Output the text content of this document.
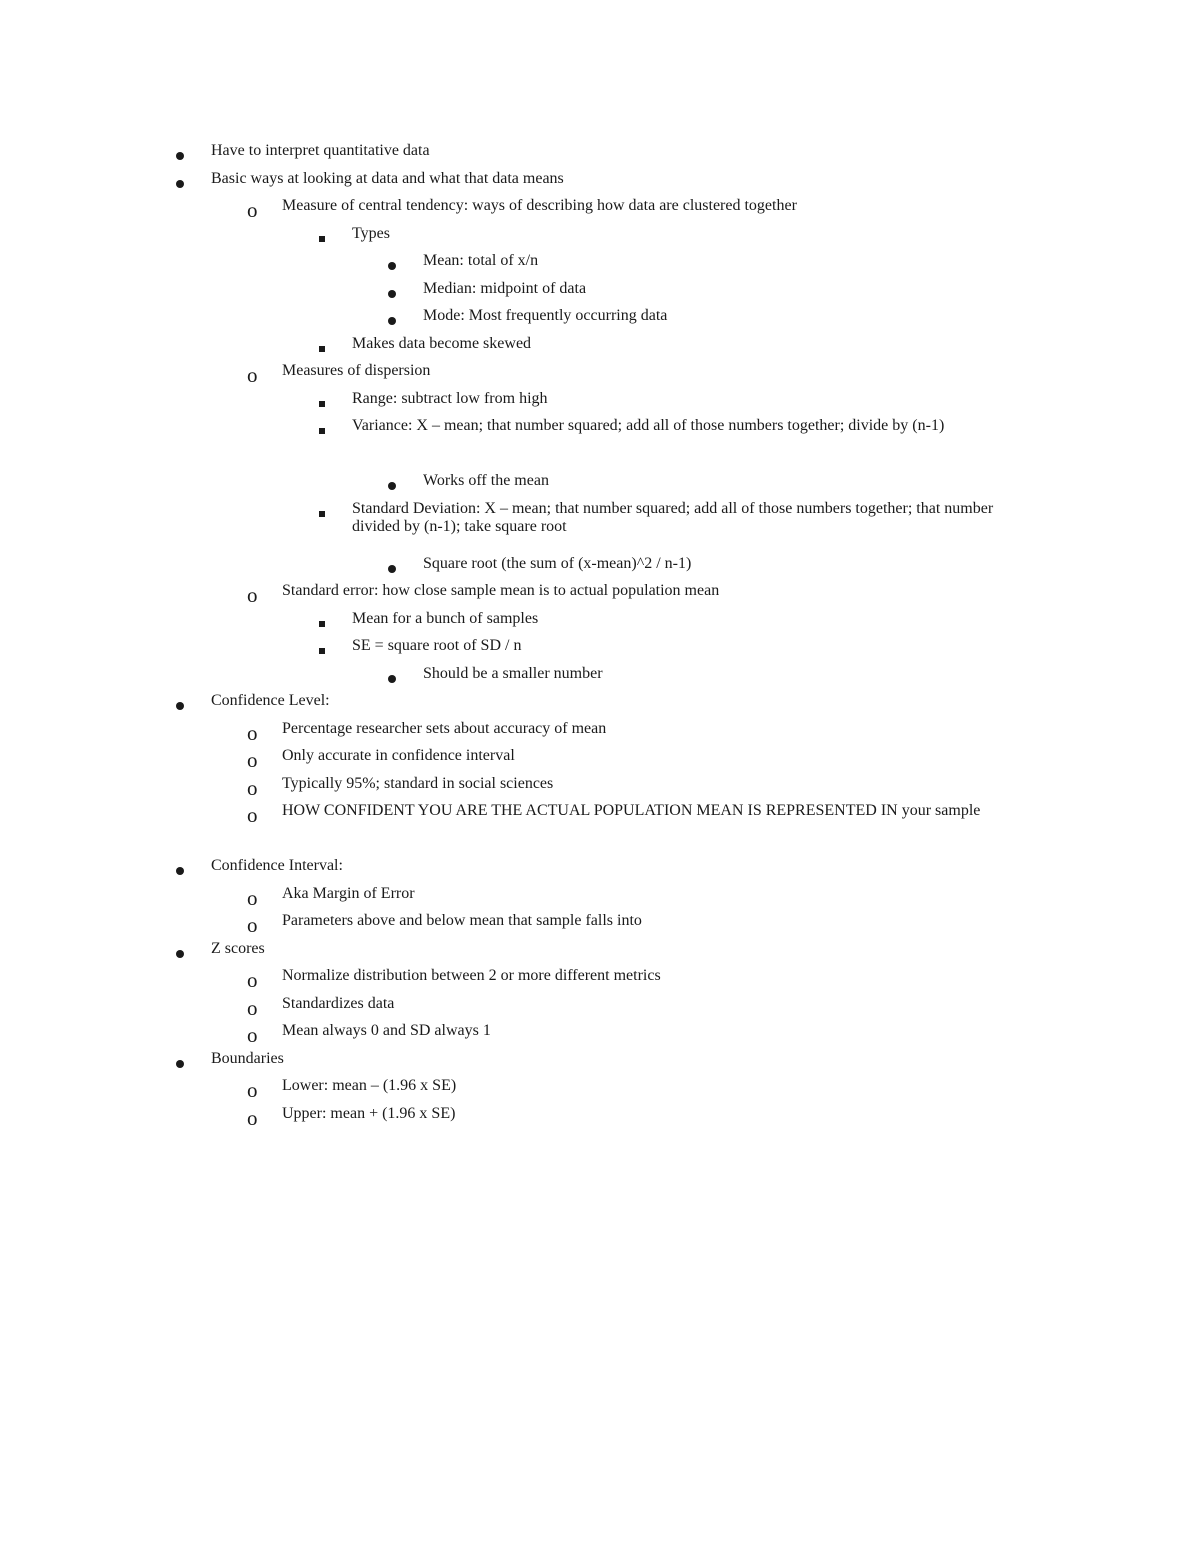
Have to interpret quantitative data
Basic ways at looking at data and what that data means
o Measure of central tendency: ways of describing how data are clustered together
Types
Mean: total of x/n
Median: midpoint of data
Mode: Most frequently occurring data
Makes data become skewed
o Measures of dispersion
Range: subtract low from high
Variance: X – mean; that number squared; add all of those numbers together; divide by (n-1)
Works off the mean
Standard Deviation: X – mean; that number squared; add all of those numbers together; that number divided by (n-1); take square root
Square root (the sum of (x-mean)^2 / n-1)
o Standard error: how close sample mean is to actual population mean
Mean for a bunch of samples
SE = square root of SD / n
Should be a smaller number
Confidence Level:
o Percentage researcher sets about accuracy of mean
o Only accurate in confidence interval
o Typically 95%; standard in social sciences
o HOW CONFIDENT YOU ARE THE ACTUAL POPULATION MEAN IS REPRESENTED IN your sample
Confidence Interval:
o Aka Margin of Error
o Parameters above and below mean that sample falls into
Z scores
o Normalize distribution between 2 or more different metrics
o Standardizes data
o Mean always 0 and SD always 1
Boundaries
o Lower: mean – (1.96 x SE)
o Upper: mean + (1.96 x SE)
